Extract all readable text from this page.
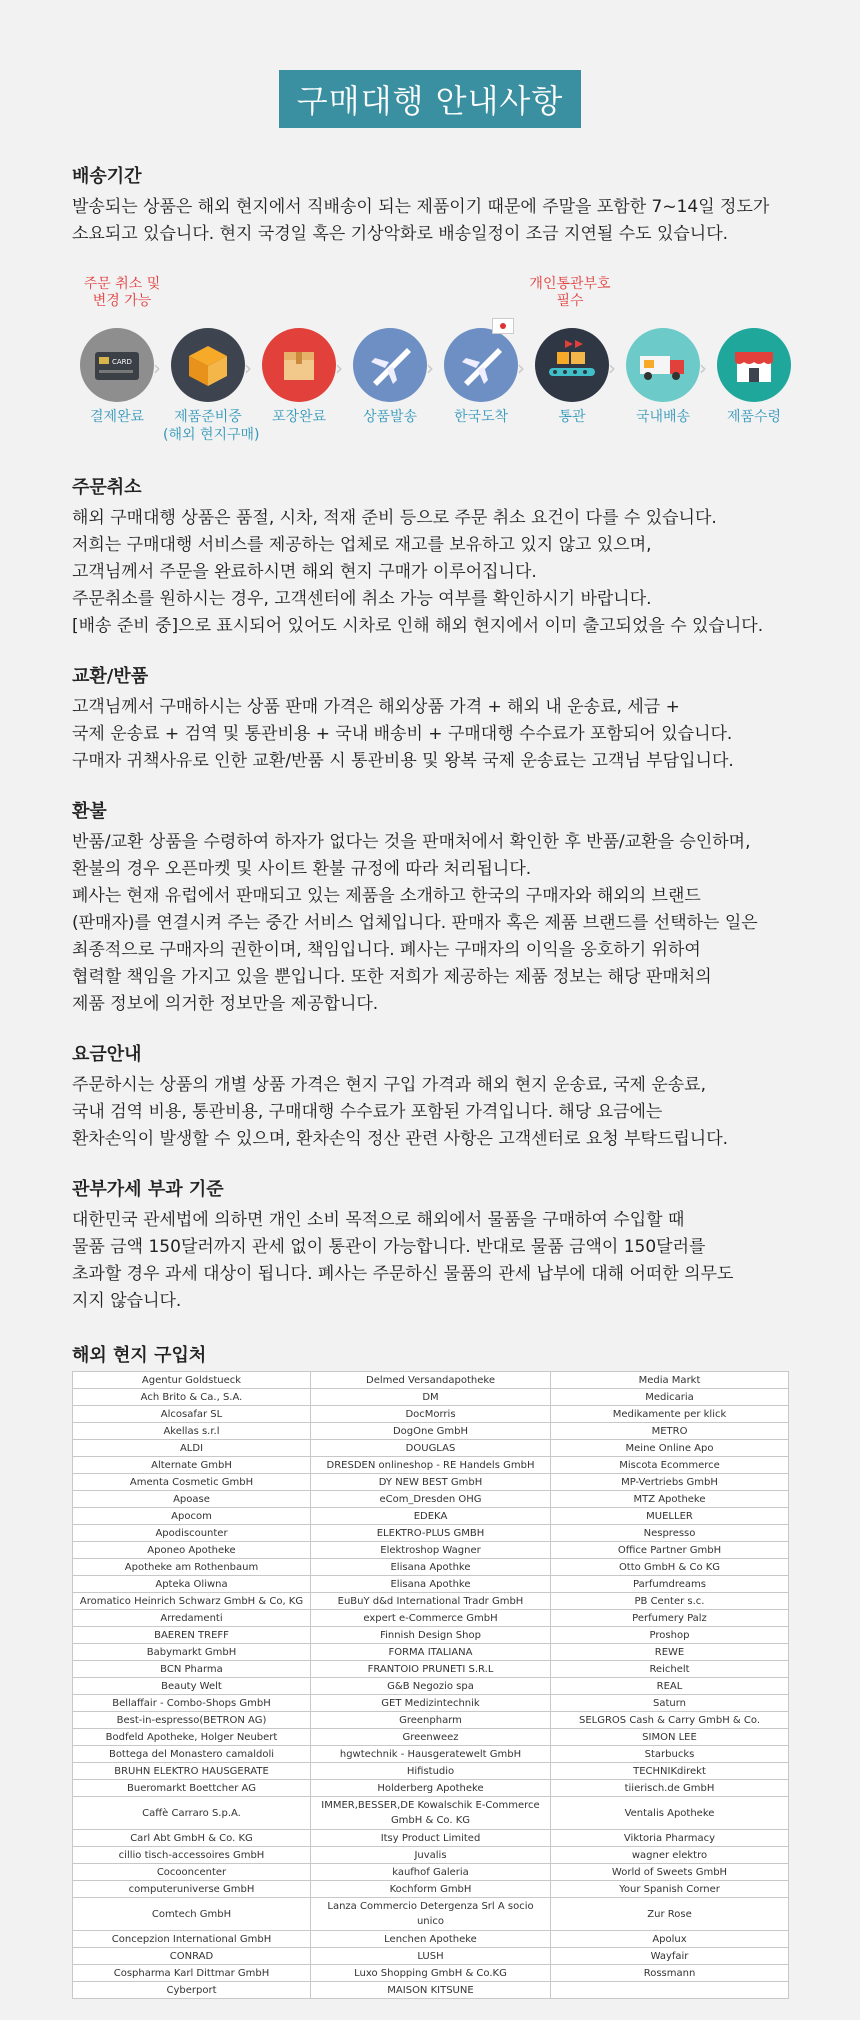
구매대행 안내사항
배송기간

발송되는 상품은 해외 현지에서 직배송이 되는 제품이기 때문에 주말을 포함한 7~14일 정도가

소요되고 있습니다. 현지 국경일 혹은 기상악화로 배송일정이 조금 지연될 수도 있습니다.

주문 취소 및
변경 가능
개인통관부호
필수
CARD
결제완료
›
제품준비중
(해외 현지구매)
›
포장완료
›
상품발송
›
한국도착
›
통관
›
국내배송
›
제품수령
주문취소

해외 구매대행 상품은 품절, 시차, 적재 준비 등으로 주문 취소 요건이 다를 수 있습니다.

저희는 구매대행 서비스를 제공하는 업체로 재고를 보유하고 있지 않고 있으며,

고객님께서 주문을 완료하시면 해외 현지 구매가 이루어집니다.

주문취소를 원하시는 경우, 고객센터에 취소 가능 여부를 확인하시기 바랍니다.

[배송 준비 중]으로 표시되어 있어도 시차로 인해 해외 현지에서 이미 출고되었을 수 있습니다.

교환/반품

고객님께서 구매하시는 상품 판매 가격은 해외상품 가격 + 해외 내 운송료, 세금 +

국제 운송료 + 검역 및 통관비용 + 국내 배송비 + 구매대행 수수료가 포함되어 있습니다.

구매자 귀책사유로 인한 교환/반품 시 통관비용 및 왕복 국제 운송료는 고객님 부담입니다.

환불

반품/교환 상품을 수령하여 하자가 없다는 것을 판매처에서 확인한 후 반품/교환을 승인하며,

환불의 경우 오픈마켓 및 사이트 환불 규정에 따라 처리됩니다.

폐사는 현재 유럽에서 판매되고 있는 제품을 소개하고 한국의 구매자와 해외의 브랜드

(판매자)를 연결시켜 주는 중간 서비스 업체입니다. 판매자 혹은 제품 브랜드를 선택하는 일은

최종적으로 구매자의 권한이며, 책임입니다. 폐사는 구매자의 이익을 옹호하기 위하여

협력할 책임을 가지고 있을 뿐입니다. 또한 저희가 제공하는 제품 정보는 해당 판매처의

제품 정보에 의거한 정보만을 제공합니다.

요금안내

주문하시는 상품의 개별 상품 가격은 현지 구입 가격과 해외 현지 운송료, 국제 운송료,

국내 검역 비용, 통관비용, 구매대행 수수료가 포함된 가격입니다. 해당 요금에는

환차손익이 발생할 수 있으며, 환차손익 정산 관련 사항은 고객센터로 요청 부탁드립니다.

관부가세 부과 기준

대한민국 관세법에 의하면 개인 소비 목적으로 해외에서 물품을 구매하여 수입할 때

물품 금액 150달러까지 관세 없이 통관이 가능합니다. 반대로 물품 금액이 150달러를

초과할 경우 과세 대상이 됩니다. 폐사는 주문하신 물품의 관세 납부에 대해 어떠한 의무도

지지 않습니다.

해외 현지 구입처
Agentur Goldstueck	Delmed Versandapotheke	Media Markt
Ach Brito & Ca., S.A.	DM	Medicaria
Alcosafar SL	DocMorris	Medikamente per klick
Akellas s.r.l	DogOne GmbH	METRO
ALDI	DOUGLAS	Meine Online Apo
Alternate GmbH	DRESDEN onlineshop - RE Handels GmbH	Miscota Ecommerce
Amenta Cosmetic GmbH	DY NEW BEST GmbH	MP-Vertriebs GmbH
Apoase	eCom_Dresden OHG	MTZ Apotheke
Apocom	EDEKA	MUELLER
Apodiscounter	ELEKTRO-PLUS GMBH	Nespresso
Aponeo Apotheke	Elektroshop Wagner	Office Partner GmbH
Apotheke am Rothenbaum	Elisana Apothke	Otto GmbH & Co KG
Apteka Oliwna	Elisana Apothke	Parfumdreams
Aromatico Heinrich Schwarz GmbH & Co, KG	EuBuY d&d International Tradr GmbH	PB Center s.c.
Arredamenti	expert e-Commerce GmbH	Perfumery Palz
BAEREN TREFF	Finnish Design Shop	Proshop
Babymarkt GmbH	FORMA ITALIANA	REWE
BCN Pharma	FRANTOIO PRUNETI S.R.L	Reichelt
Beauty Welt	G&B Negozio spa	REAL
Bellaffair - Combo-Shops GmbH	GET Medizintechnik	Saturn
Best-in-espresso(BETRON AG)	Greenpharm	SELGROS Cash & Carry GmbH & Co.
Bodfeld Apotheke, Holger Neubert	Greenweez	SIMON LEE
Bottega del Monastero camaldoli	hgwtechnik - Hausgeratewelt GmbH	Starbucks
BRUHN ELEKTRO HAUSGERATE	Hifistudio	TECHNIKdirekt
Bueromarkt Boettcher AG	Holderberg Apotheke	tiierisch.de GmbH
Caffè Carraro S.p.A.	IMMER,BESSER,DE Kowalschik E-Commerce GmbH & Co. KG	Ventalis Apotheke
Carl Abt GmbH & Co. KG	Itsy Product Limited	Viktoria Pharmacy
cillio tisch-accessoires GmbH	Juvalis	wagner elektro
Cocooncenter	kaufhof Galeria	World of Sweets GmbH
computeruniverse GmbH	Kochform GmbH	Your Spanish Corner
Comtech GmbH	Lanza Commercio Detergenza Srl A socio unico	Zur Rose
Concepzion International GmbH	Lenchen Apotheke	Apolux
CONRAD	LUSH	Wayfair
Cospharma Karl Dittmar GmbH	Luxo Shopping GmbH & Co.KG	Rossmann
Cyberport	MAISON KITSUNE	
